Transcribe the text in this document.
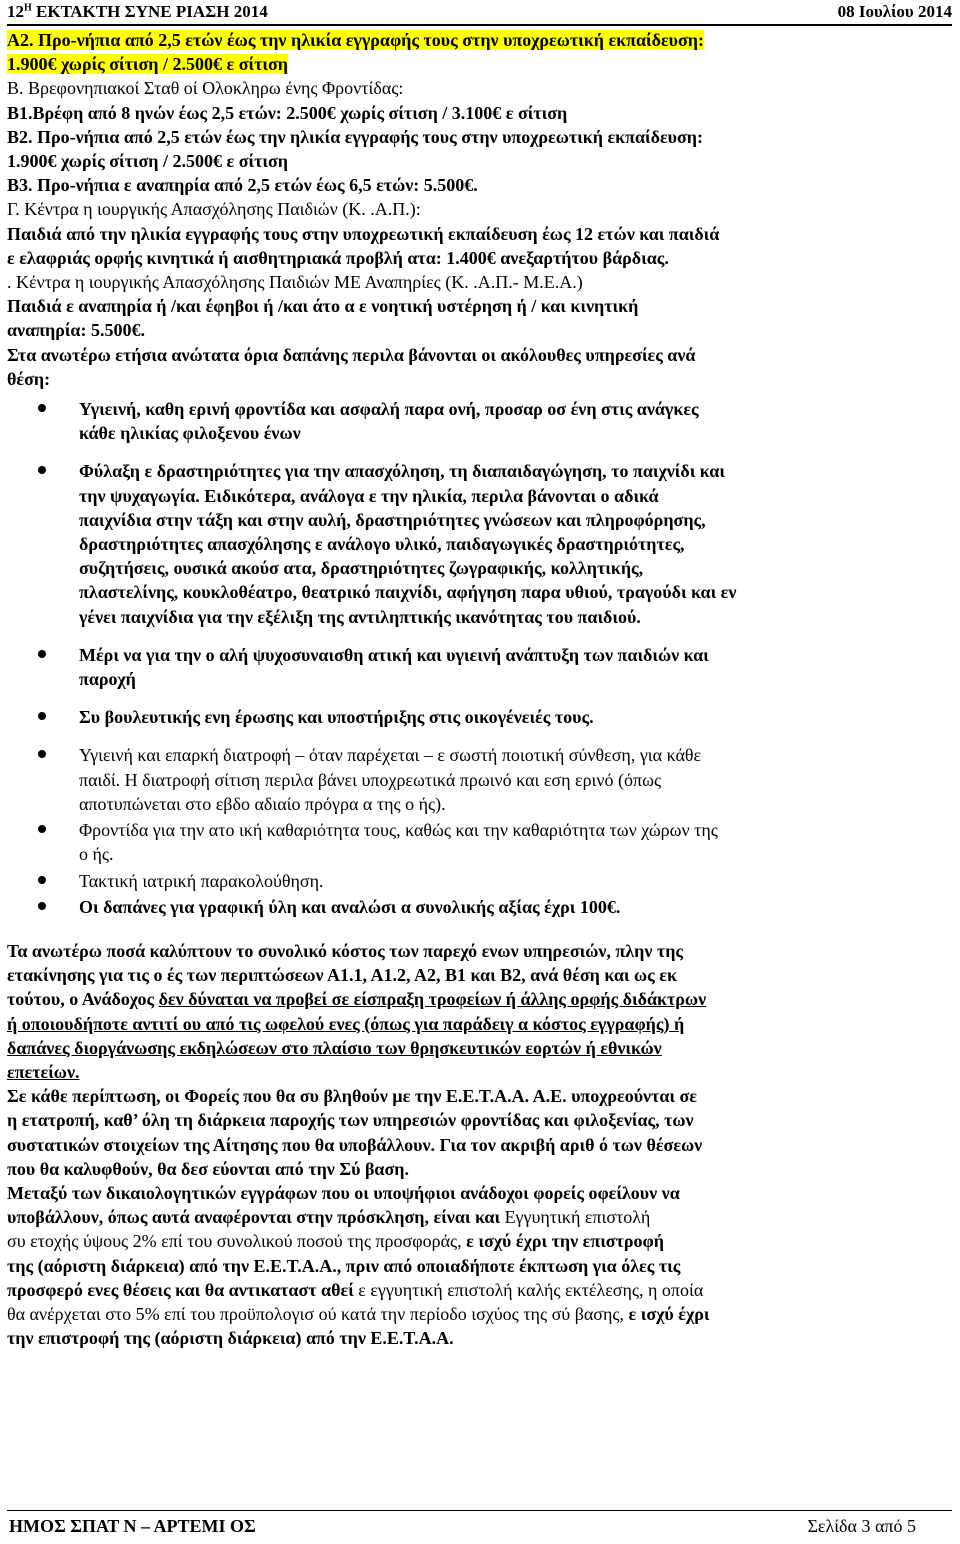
$12^H$ ΕΚΤΑΚΤΗ ΣΥΝΕ ΡΙΑΣΗ 2014	08 Ιουλίου 2014
Α2. Προ-νήπια από 2,5 ετών έως την ηλικία εγγραφής τους στην υποχρεωτική εκπαίδευση:
1.900€ χωρίς σίτιση / 2.500€ ε σίτιση
Β. Βρεφονηπιακοί Σταθ οί Ολοκληρω ένης Φροντίδας:
Β1.Βρέφη από 8 ηνών έως 2,5 ετών: 2.500€ χωρίς σίτιση / 3.100€ ε σίτιση
Β2. Προ-νήπια από 2,5 ετών έως την ηλικία εγγραφής τους στην υποχρεωτική εκπαίδευση:
1.900€ χωρίς σίτιση / 2.500€ ε σίτιση
Β3. Προ-νήπια ε αναπηρία από 2,5 ετών έως 6,5 ετών: 5.500€.
Γ. Κέντρα η ιουργικής Απασχόλησης Παιδιών (Κ. .Α.Π.):
Παιδιά από την ηλικία εγγραφής τους στην υποχρεωτική εκπαίδευση έως 12 ετών και παιδιά
ε ελαφριάς ορφής κινητικά ή αισθητηριακά προβλή ατα: 1.400€ ανεξαρτήτου βάρδιας.
. Κέντρα η ιουργικής Απασχόλησης Παιδιών ΜΕ Αναπηρίες (Κ. .Α.Π.- Μ.Ε.Α.)
Παιδιά ε αναπηρία ή /και έφηβοι ή /και άτο α ε νοητική υστέρηση ή / και κινητική
αναπηρία: 5.500€.
Στα ανωτέρω ετήσια ανώτατα όρια δαπάνης περιλα βάνονται οι ακόλουθες υπηρεσίες ανά
θέση:
Υγιεινή, καθη ερινή φροντίδα και ασφαλή παρα ονή, προσαρ οσ ένη στις ανάγκες
κάθε ηλικίας φιλοξενου ένων
Φύλαξη ε δραστηριότητες για την απασχόληση, τη διαπαιδαγώγηση, το παιχνίδι και
την ψυχαγωγία. Ειδικότερα, ανάλογα ε την ηλικία, περιλα βάνονται ο αδικά
παιχνίδια στην τάξη και στην αυλή, δραστηριότητες γνώσεων και πληροφόρησης,
δραστηριότητες απασχόλησης ε ανάλογο υλικό, παιδαγωγικές δραστηριότητες,
συζητήσεις, ουσικά ακούσ ατα, δραστηριότητες ζωγραφικής, κολλητικής,
πλαστελίνης, κουκλοθέατρο, θεατρικό παιχνίδι, αφήγηση παρα υθιού, τραγούδι και εν
γένει παιχνίδια για την εξέλιξη της αντιληπτικής ικανότητας του παιδιού.
Μέρι να για την ο αλή ψυχοσυναισθη ατική και υγιεινή ανάπτυξη των παιδιών και
παροχή
Συ βουλευτικής ενη έρωσης και υποστήριξης στις οικογένειές τους.
Υγιεινή και επαρκή διατροφή – όταν παρέχεται – ε σωστή ποιοτική σύνθεση, για κάθε
παιδί. Η διατροφή σίτιση περιλα βάνει υποχρεωτικά πρωινό και εση ερινό (όπως
αποτυπώνεται στο εβδο αδιαίο πρόγρα α της ο ής).
Φροντίδα για την ατο ική καθαριότητα τους, καθώς και την καθαριότητα των χώρων της
ο ής.
Τακτική ιατρική παρακολούθηση.
Οι δαπάνες για γραφική ύλη και αναλώσι α συνολικής αξίας έχρι 100€.
Τα ανωτέρω ποσά καλύπτουν το συνολικό κόστος των παρεχό ενων υπηρεσιών, πλην της
ετακίνησης για τις ο ές των περιπτώσεων Α1.1, Α1.2, Α2, Β1 και Β2, ανά θέση και ως εκ
τούτου, ο Ανάδοχος δεν δύναται να προβεί σε είσπραξη τροφείων ή άλλης ορφής διδάκτρων
ή οποιουδήποτε αντιτί ου από τις ωφελού ενες (όπως για παράδειγ α κόστος εγγραφής) ή
δαπάνες διοργάνωσης εκδηλώσεων στο πλαίσιο των θρησκευτικών εορτών ή εθνικών
επετείων.
Σε κάθε περίπτωση, οι Φορείς που θα συ βληθούν µε την Ε.Ε.Τ.Α.Α. Α.Ε. υποχρεούνται σε
η ετατροπή, καθ’ όλη τη διάρκεια παροχής των υπηρεσιών φροντίδας και φιλοξενίας, των
συστατικών στοιχείων της Αίτησης που θα υποβάλλουν. Για τον ακριβή αριθ ό των θέσεων
που θα καλυφθούν, θα δεσ εύονται από την Σύ βαση.
Μεταξύ των δικαιολογητικών εγγράφων που οι υποψήφιοι ανάδοχοι φορείς οφείλουν να
υποβάλλουν, όπως αυτά αναφέρονται στην πρόσκληση, είναι και Εγγυητική επιστολή
συ ετοχής ύψους 2% επί του συνολικού ποσού της προσφοράς, ε ισχύ έχρι την επιστροφή
της (αόριστη διάρκεια) από την Ε.Ε.Τ.Α.Α., πριν από οποιαδήποτε έκπτωση για όλες τις
προσφερό ενες θέσεις και θα αντικαταστ αθεί ε εγγυητική επιστολή καλής εκτέλεσης, η οποία
θα ανέρχεται στο 5% επί του προϋπολογισ ού κατά την περίοδο ισχύος της σύ βασης, ε ισχύ έχρι
την επιστροφή της (αόριστη διάρκεια) από την Ε.Ε.Τ.Α.Α.
ΗΜΟΣ ΣΠΑΤ Ν – ΑΡΤΕΜΙ ΟΣ	Σελίδα 3 από 5
